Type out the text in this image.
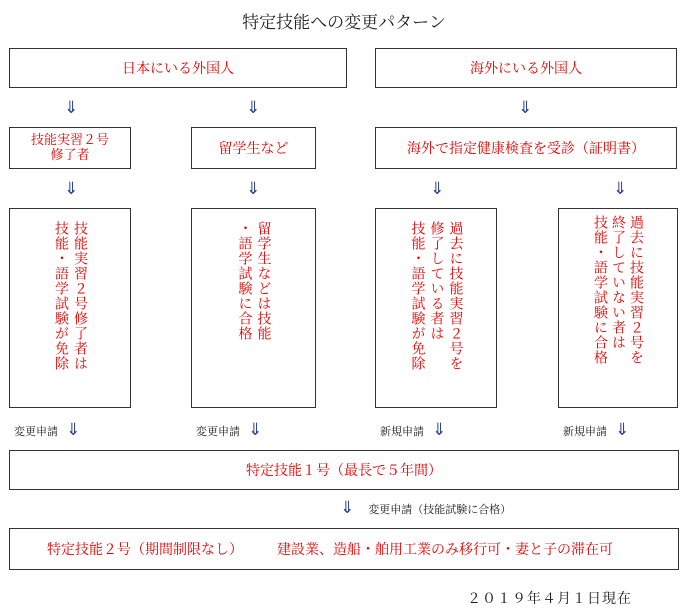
特定技能への変更パターン
日本にいる外国人	海外にいる外国人
⇓	⇓	⇓
技能実習２号
修了者	留学生など	海外で指定健康検査を受診（証明書）
⇓	⇓	⇓	⇓

技能実習２号修了者は
技能・語学試験が免除	留学生などは技能
・語学試験に合格	過去に技能実習２号を
修了している者は
技能・語学試験が免除	過去に技能実習２号を
終了していない者は
技能・語学試験に合格

変更申請 ⇓	変更申請 ⇓	新規申請 ⇓	新規申請 ⇓
特定技能１号（最長で５年間）
⇓ 変更申請（技能試験に合格）
特定技能２号（期間制限なし） 建設業、造船・舶用工業のみ移行可・妻と子の滞在可
２０１９年４月１日現在
